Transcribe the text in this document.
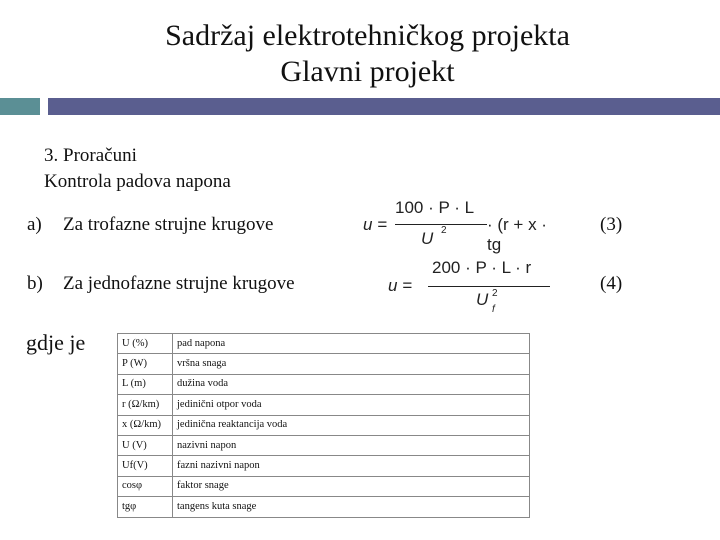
Sadržaj elektrotehničkog projekta
Glavni projekt
3. Proračuni
Kontrola padova napona
a) Za trofazne strujne krugove	(3)
b) Za jednofazne strujne krugove	(4)
u =
100 · P · L
U 2 · (r + x · tg
u =
200 · P · L · r
U 2
f
gdje je	U (%)	pad napona
P (W)	vršna snaga
L (m)	dužina voda
r (Ω/km)	jedinični otpor voda
x (Ω/km)	jedinična reaktancija voda
U (V)	nazivni napon
Uf(V)	fazni nazivni napon
cosφ	faktor snage
tgφ	tangens kuta snage
